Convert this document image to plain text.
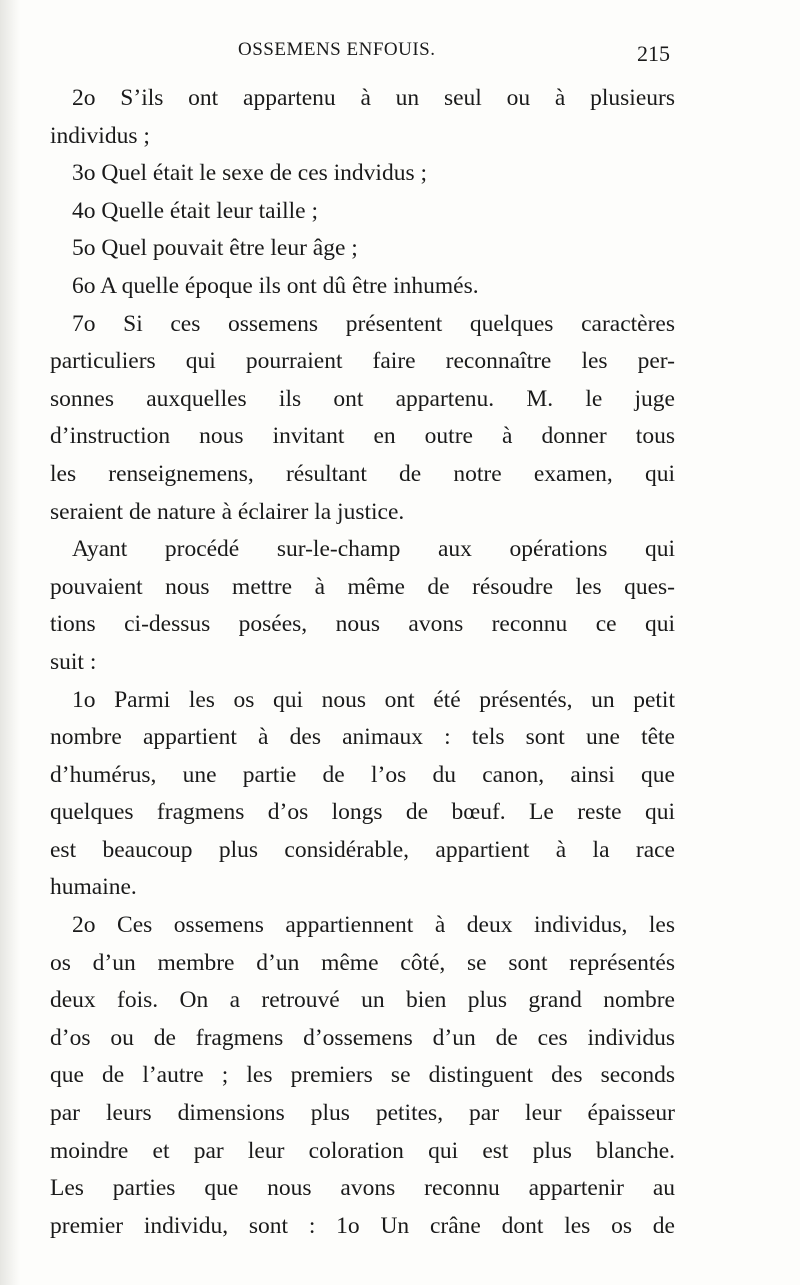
OSSEMENS ENFOUIS.	215
2o S’ils ont appartenu à un seul ou à plusieurs
individus ;
3o Quel était le sexe de ces indvidus ;
4o Quelle était leur taille ;
5o Quel pouvait être leur âge ;
6o A quelle époque ils ont dû être inhumés.
7o Si ces ossemens présentent quelques caractères
particuliers qui pourraient faire reconnaître les per-
sonnes auxquelles ils ont appartenu. M. le juge
d’instruction nous invitant en outre à donner tous
les renseignemens, résultant de notre examen, qui
seraient de nature à éclairer la justice.
Ayant procédé sur-le-champ aux opérations qui
pouvaient nous mettre à même de résoudre les ques-
tions ci-dessus posées, nous avons reconnu ce qui
suit :
1o Parmi les os qui nous ont été présentés, un petit
nombre appartient à des animaux : tels sont une tête
d’humérus, une partie de l’os du canon, ainsi que
quelques fragmens d’os longs de bœuf. Le reste qui
est beaucoup plus considérable, appartient à la race
humaine.
2o Ces ossemens appartiennent à deux individus, les
os d’un membre d’un même côté, se sont représentés
deux fois. On a retrouvé un bien plus grand nombre
d’os ou de fragmens d’ossemens d’un de ces individus
que de l’autre ; les premiers se distinguent des seconds
par leurs dimensions plus petites, par leur épaisseur
moindre et par leur coloration qui est plus blanche.
Les parties que nous avons reconnu appartenir au
premier individu, sont : 1o Un crâne dont les os de
